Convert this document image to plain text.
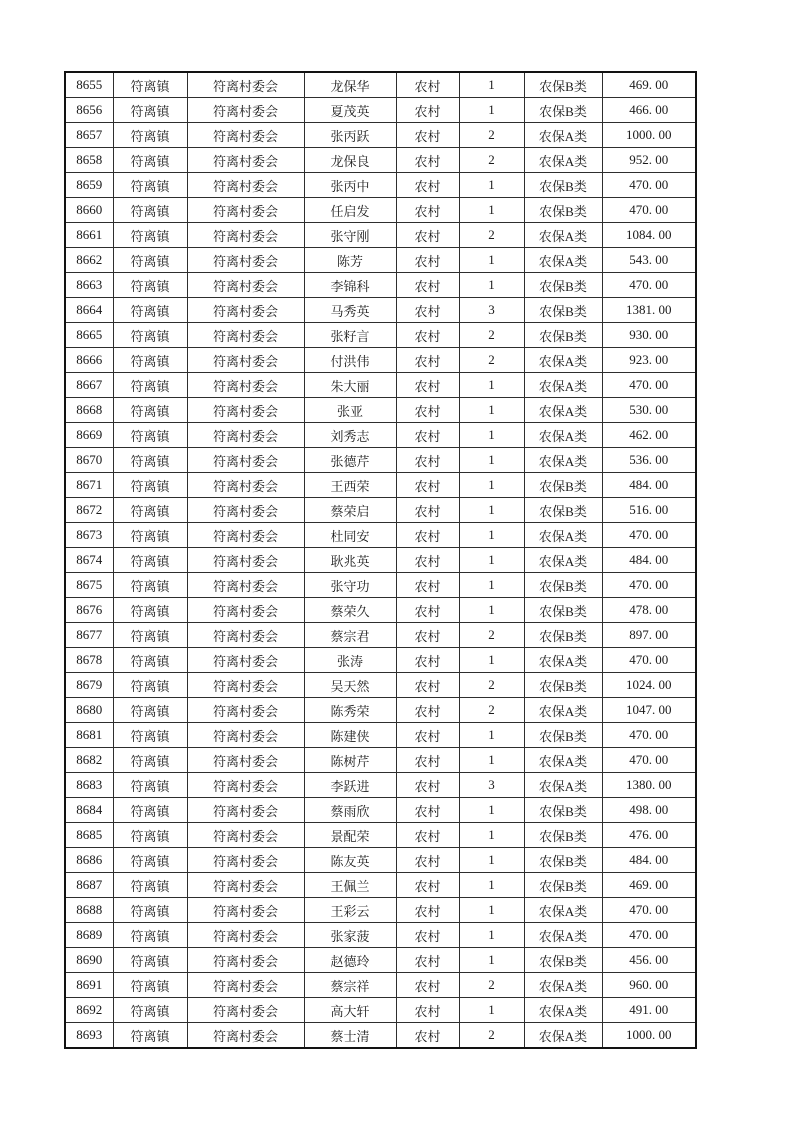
8655	符离镇	符离村委会	龙保华	农村	1	农保B类	469. 00
8656	符离镇	符离村委会	夏茂英	农村	1	农保B类	466. 00
8657	符离镇	符离村委会	张丙跃	农村	2	农保A类	1000. 00
8658	符离镇	符离村委会	龙保良	农村	2	农保A类	952. 00
8659	符离镇	符离村委会	张丙中	农村	1	农保B类	470. 00
8660	符离镇	符离村委会	任启发	农村	1	农保B类	470. 00
8661	符离镇	符离村委会	张守刚	农村	2	农保A类	1084. 00
8662	符离镇	符离村委会	陈芳	农村	1	农保A类	543. 00
8663	符离镇	符离村委会	李锦科	农村	1	农保B类	470. 00
8664	符离镇	符离村委会	马秀英	农村	3	农保B类	1381. 00
8665	符离镇	符离村委会	张籽言	农村	2	农保B类	930. 00
8666	符离镇	符离村委会	付洪伟	农村	2	农保A类	923. 00
8667	符离镇	符离村委会	朱大丽	农村	1	农保A类	470. 00
8668	符离镇	符离村委会	张亚	农村	1	农保A类	530. 00
8669	符离镇	符离村委会	刘秀志	农村	1	农保A类	462. 00
8670	符离镇	符离村委会	张德芹	农村	1	农保A类	536. 00
8671	符离镇	符离村委会	王西荣	农村	1	农保B类	484. 00
8672	符离镇	符离村委会	蔡荣启	农村	1	农保B类	516. 00
8673	符离镇	符离村委会	杜同安	农村	1	农保A类	470. 00
8674	符离镇	符离村委会	耿兆英	农村	1	农保A类	484. 00
8675	符离镇	符离村委会	张守功	农村	1	农保B类	470. 00
8676	符离镇	符离村委会	蔡荣久	农村	1	农保B类	478. 00
8677	符离镇	符离村委会	蔡宗君	农村	2	农保B类	897. 00
8678	符离镇	符离村委会	张涛	农村	1	农保A类	470. 00
8679	符离镇	符离村委会	吴天然	农村	2	农保B类	1024. 00
8680	符离镇	符离村委会	陈秀荣	农村	2	农保A类	1047. 00
8681	符离镇	符离村委会	陈建侠	农村	1	农保B类	470. 00
8682	符离镇	符离村委会	陈树芹	农村	1	农保A类	470. 00
8683	符离镇	符离村委会	李跃进	农村	3	农保A类	1380. 00
8684	符离镇	符离村委会	蔡雨欣	农村	1	农保B类	498. 00
8685	符离镇	符离村委会	景配荣	农村	1	农保B类	476. 00
8686	符离镇	符离村委会	陈友英	农村	1	农保B类	484. 00
8687	符离镇	符离村委会	王佩兰	农村	1	农保B类	469. 00
8688	符离镇	符离村委会	王彩云	农村	1	农保A类	470. 00
8689	符离镇	符离村委会	张家菠	农村	1	农保A类	470. 00
8690	符离镇	符离村委会	赵德玲	农村	1	农保B类	456. 00
8691	符离镇	符离村委会	蔡宗祥	农村	2	农保A类	960. 00
8692	符离镇	符离村委会	高大轩	农村	1	农保A类	491. 00
8693	符离镇	符离村委会	蔡士清	农村	2	农保A类	1000. 00
